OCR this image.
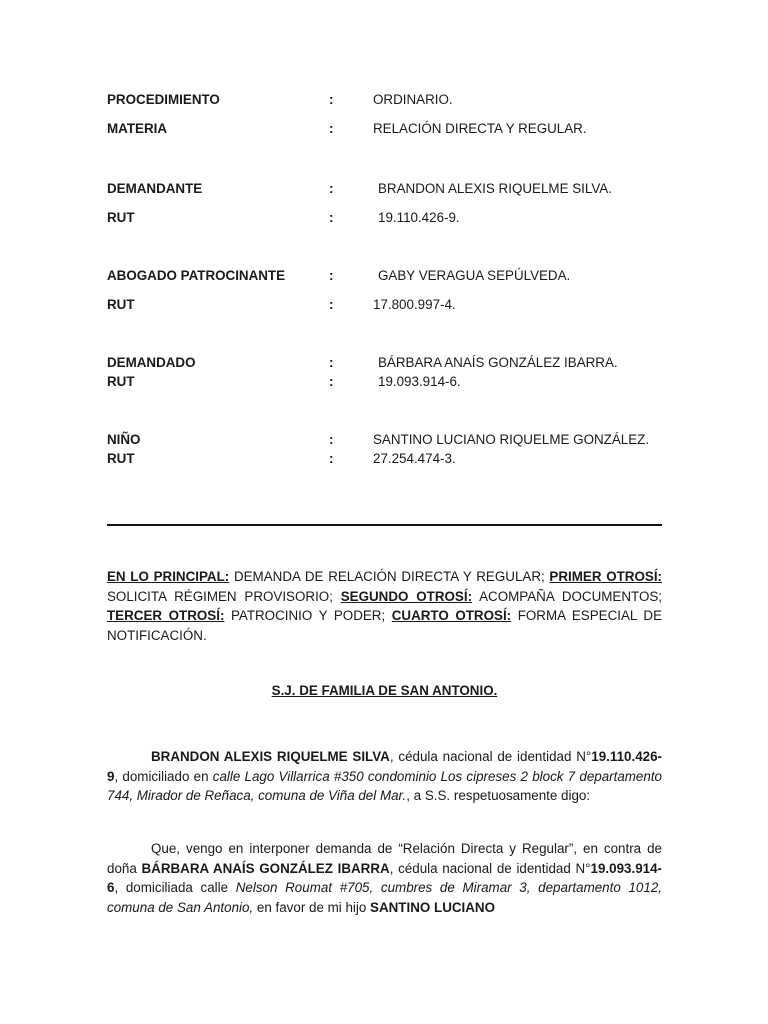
PROCEDIMIENTO	:	ORDINARIO.
MATERIA	:	RELACIÓN DIRECTA Y REGULAR.
DEMANDANTE	:	BRANDON ALEXIS RIQUELME SILVA.
RUT	:	19.110.426-9.
ABOGADO PATROCINANTE	:	GABY VERAGUA SEPÚLVEDA.
RUT	:	17.800.997-4.
DEMANDADO	:	BÁRBARA ANAÍS GONZÁLEZ IBARRA.
RUT	:	19.093.914-6.
NIÑO	:	SANTINO LUCIANO RIQUELME GONZÁLEZ.
RUT	:	27.254.474-3.
EN LO PRINCIPAL: DEMANDA DE RELACIÓN DIRECTA Y REGULAR; PRIMER OTROSÍ: SOLICITA RÉGIMEN PROVISORIO; SEGUNDO OTROSÍ: ACOMPAÑA DOCUMENTOS; TERCER OTROSÍ: PATROCINIO Y PODER; CUARTO OTROSÍ: FORMA ESPECIAL DE NOTIFICACIÓN.
S.J. DE FAMILIA DE SAN ANTONIO.
BRANDON ALEXIS RIQUELME SILVA, cédula nacional de identidad N°19.110.426-9, domiciliado en calle Lago Villarrica #350 condominio Los cipreses 2 block 7 departamento 744, Mirador de Reñaca, comuna de Viña del Mar., a S.S. respetuosamente digo:
Que, vengo en interponer demanda de “Relación Directa y Regular”, en contra de doña BÁRBARA ANAÍS GONZÁLEZ IBARRA, cédula nacional de identidad N°19.093.914-6, domiciliada calle Nelson Roumat #705, cumbres de Miramar 3, departamento 1012, comuna de San Antonio, en favor de mi hijo SANTINO LUCIANO
